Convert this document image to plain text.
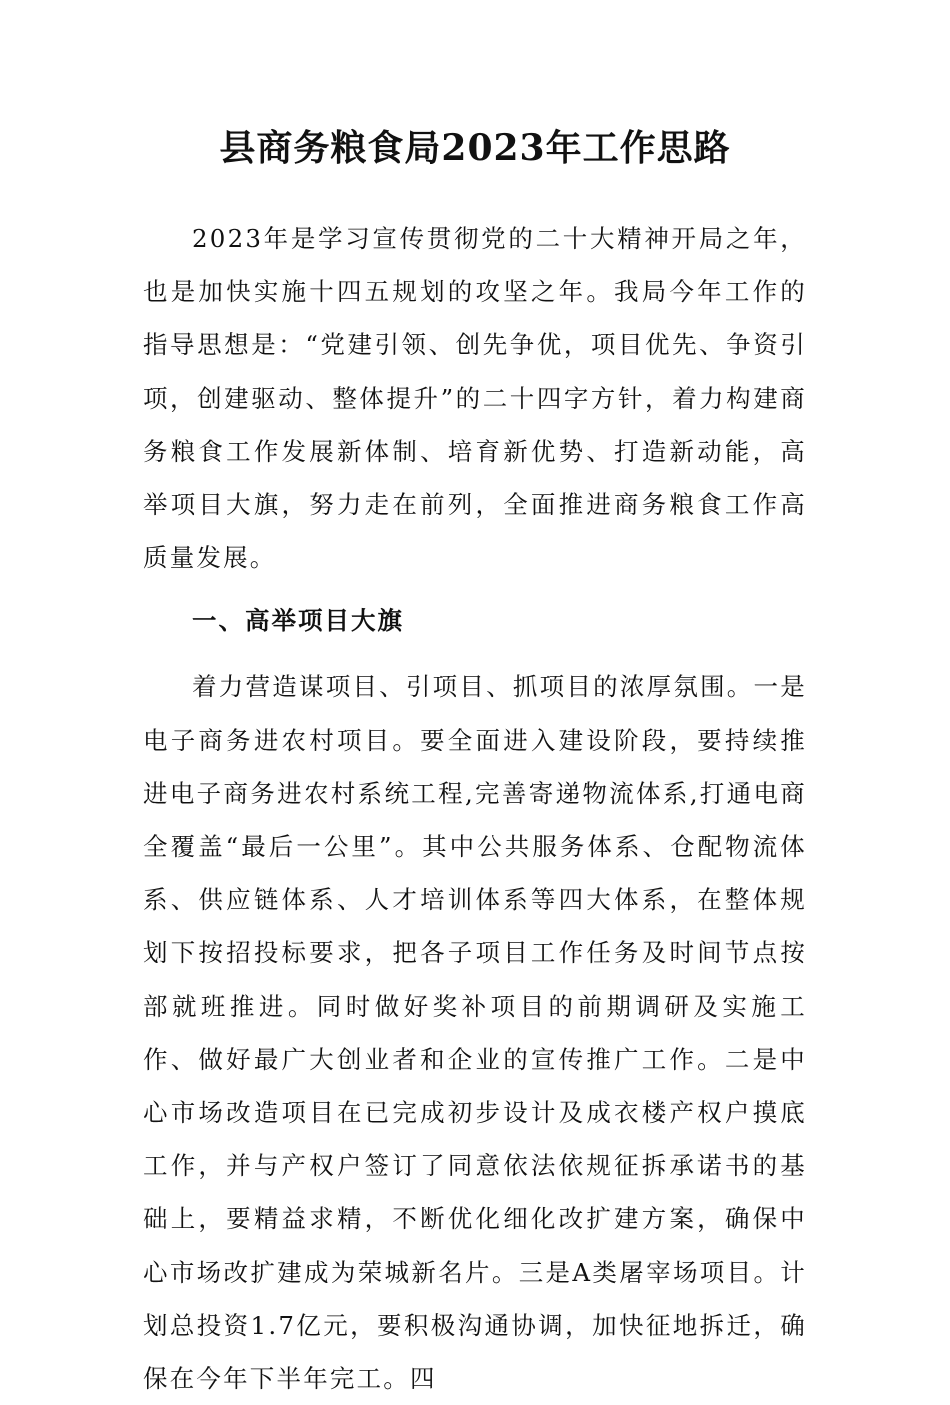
县商务粮食局2023年工作思路

2023年是学习宣传贯彻党的二十大精神开局之年，也是加快实施十四五规划的攻坚之年。我局今年工作的指导思想是：“党建引领、创先争优，项目优先、争资引项，创建驱动、整体提升”的二十四字方针，着力构建商务粮食工作发展新体制、培育新优势、打造新动能，高举项目大旗，努力走在前列，全面推进商务粮食工作高质量发展。

一、高举项目大旗

着力营造谋项目、引项目、抓项目的浓厚氛围。一是电子商务进农村项目。要全面进入建设阶段，要持续推进电子商务进农村系统工程,完善寄递物流体系,打通电商全覆盖“最后一公里”。其中公共服务体系、仓配物流体系、供应链体系、人才培训体系等四大体系，在整体规划下按招投标要求，把各子项目工作任务及时间节点按部就班推进。同时做好奖补项目的前期调研及实施工作、做好最广大创业者和企业的宣传推广工作。二是中心市场改造项目在已完成初步设计及成衣楼产权户摸底工作，并与产权户签订了同意依法依规征拆承诺书的基础上，要精益求精，不断优化细化改扩建方案，确保中心市场改扩建成为荣城新名片。三是A类屠宰场项目。计划总投资1.7亿元，要积极沟通协调，加快征地拆迁，确保在今年下半年完工。四
